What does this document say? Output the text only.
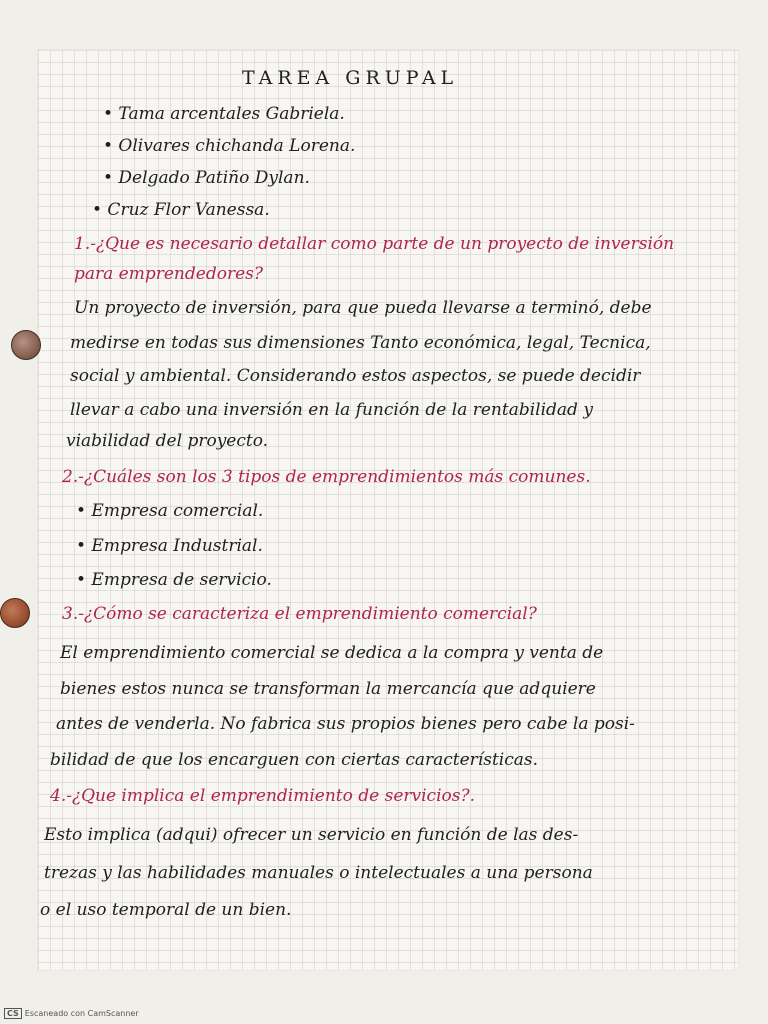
TAREA GRUPAL

• Tama arcentales Gabriela.

• Olivares chichanda Lorena.

• Delgado Patiño Dylan.

• Cruz Flor Vanessa.

1.-¿Que es necesario detallar como parte de un proyecto de inversión

para emprendedores?

Un proyecto de inversión, para que pueda llevarse a terminó, debe

medirse en todas sus dimensiones Tanto económica, legal, Tecnica,

social y ambiental. Considerando estos aspectos, se puede decidir

llevar a cabo una inversión en la función de la rentabilidad y

viabilidad del proyecto.

2.-¿Cuáles son los 3 tipos de emprendimientos más comunes.

• Empresa comercial.

• Empresa Industrial.

• Empresa de servicio.

3.-¿Cómo se caracteriza el emprendimiento comercial?

El emprendimiento comercial se dedica a la compra y venta de

bienes estos nunca se transforman la mercancía que adquiere

antes de venderla. No fabrica sus propios bienes pero cabe la posi-

bilidad de que los encarguen con ciertas características.

4.-¿Que implica el emprendimiento de servicios?.

Esto implica (adqui) ofrecer un servicio en función de las des-

trezas y las habilidades manuales o intelectuales a una persona

o el uso temporal de un bien.

CS Escaneado con CamScanner
